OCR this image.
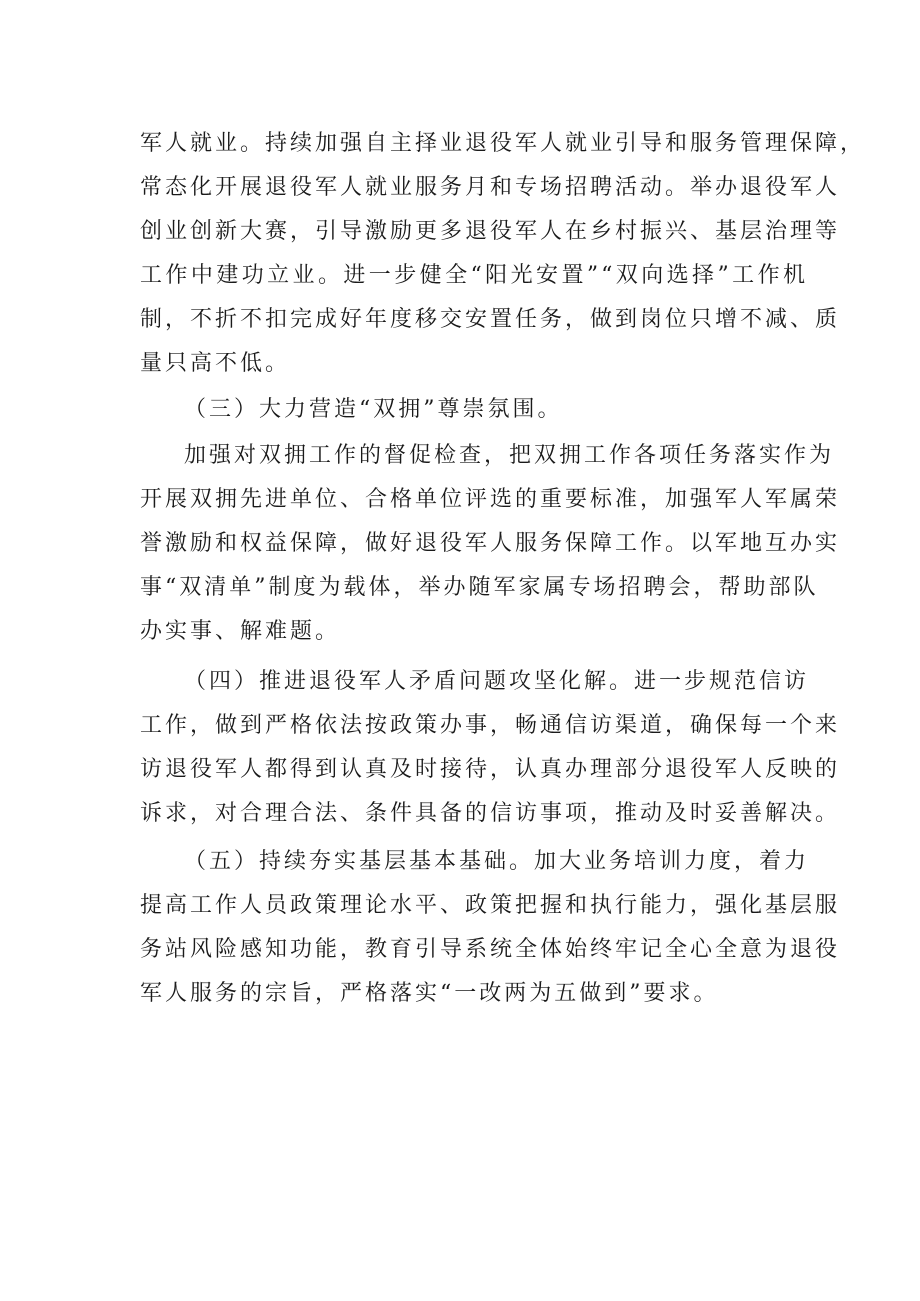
军人就业。持续加强自主择业退役军人就业引导和服务管理保障，
常态化开展退役军人就业服务月和专场招聘活动。举办退役军人
创业创新大赛，引导激励更多退役军人在乡村振兴、基层治理等
工作中建功立业。进一步健全“阳光安置”“双向选择”工作机
制，不折不扣完成好年度移交安置任务，做到岗位只增不减、质
量只高不低。
（三）大力营造“双拥”尊崇氛围。
加强对双拥工作的督促检查，把双拥工作各项任务落实作为
开展双拥先进单位、合格单位评选的重要标准，加强军人军属荣
誉激励和权益保障，做好退役军人服务保障工作。以军地互办实
事“双清单”制度为载体，举办随军家属专场招聘会，帮助部队
办实事、解难题。
（四）推进退役军人矛盾问题攻坚化解。进一步规范信访
工作，做到严格依法按政策办事，畅通信访渠道，确保每一个来
访退役军人都得到认真及时接待，认真办理部分退役军人反映的
诉求，对合理合法、条件具备的信访事项，推动及时妥善解决。
（五）持续夯实基层基本基础。加大业务培训力度，着力
提高工作人员政策理论水平、政策把握和执行能力，强化基层服
务站风险感知功能，教育引导系统全体始终牢记全心全意为退役
军人服务的宗旨，严格落实“一改两为五做到”要求。
